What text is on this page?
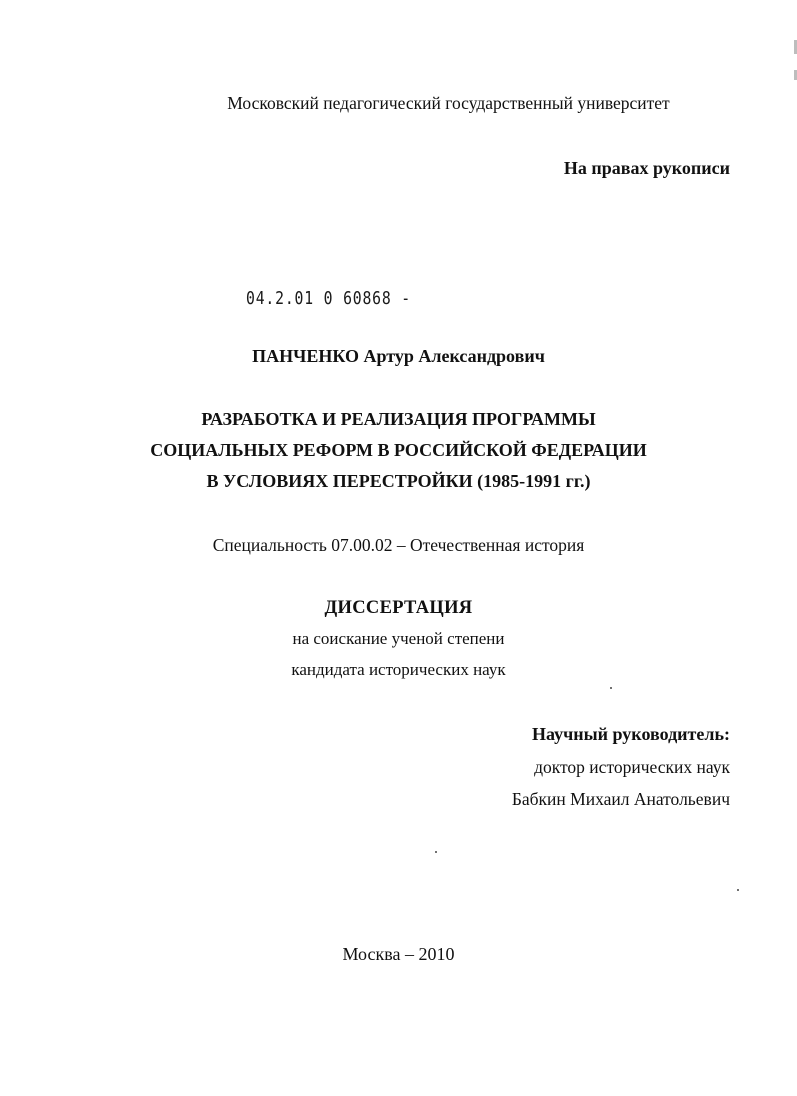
Московский педагогический государственный университет
На правах рукописи
04.2.01 0 60868 -
ПАНЧЕНКО Артур Александрович
РАЗРАБОТКА И РЕАЛИЗАЦИЯ ПРОГРАММЫ
СОЦИАЛЬНЫХ РЕФОРМ В РОССИЙСКОЙ ФЕДЕРАЦИИ
В УСЛОВИЯХ ПЕРЕСТРОЙКИ (1985-1991 гг.)
Специальность 07.00.02 – Отечественная история
ДИССЕРТАЦИЯ
на соискание ученой степени
кандидата исторических наук
Научный руководитель:
доктор исторических наук
Бабкин Михаил Анатольевич
Москва – 2010
